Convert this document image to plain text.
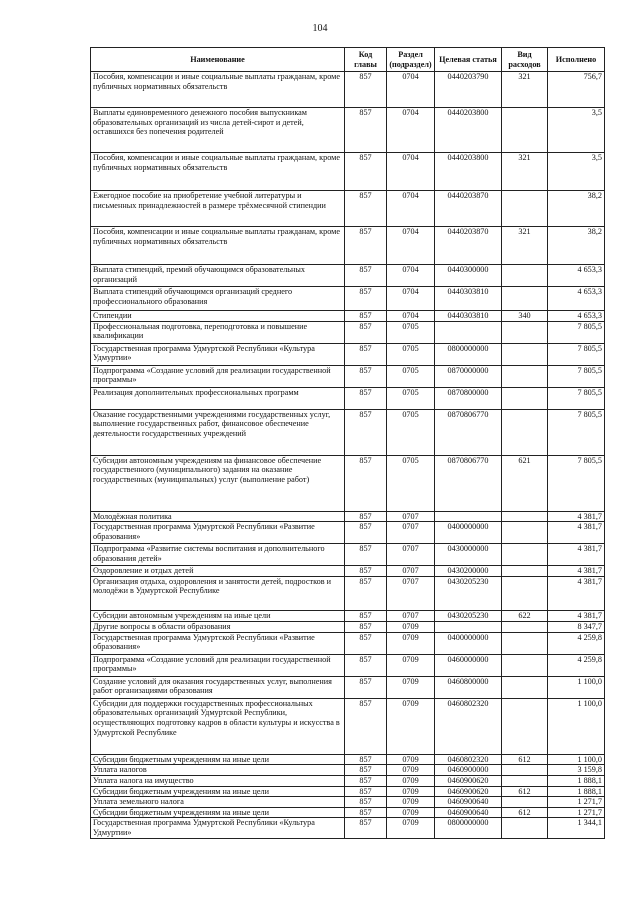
104
Наименование	Код главы	Раздел (подраздел)	Целевая статья	Вид расходов	Исполнено
Пособия, компенсации и иные социальные выплаты гражданам, кроме публичных нормативных обязательств	857	0704	0440203790	321	756,7
Выплаты единовременного денежного пособия выпускникам образовательных организаций из числа детей-сирот и детей, оставшихся без попечения родителей	857	0704	0440203800		3,5
Пособия, компенсации и иные социальные выплаты гражданам, кроме публичных нормативных обязательств	857	0704	0440203800	321	3,5
Ежегодное пособие на приобретение учебной литературы и письменных принадлежностей в размере трёхмесячной стипендии	857	0704	0440203870		38,2
Пособия, компенсации и иные социальные выплаты гражданам, кроме публичных нормативных обязательств	857	0704	0440203870	321	38,2
Выплата стипендий, премий обучающимся образовательных организаций	857	0704	0440300000		4 653,3
Выплата стипендий обучающимся организаций среднего профессионального образования	857	0704	0440303810		4 653,3
Стипендии	857	0704	0440303810	340	4 653,3
Профессиональная подготовка, переподготовка и повышение квалификации	857	0705			7 805,5
Государственная программа Удмуртской Республики «Культура Удмуртии»	857	0705	0800000000		7 805,5
Подпрограмма «Создание условий для реализации государственной программы»	857	0705	0870000000		7 805,5
Реализация дополнительных профессиональных программ	857	0705	0870800000		7 805,5
Оказание государственными учреждениями государственных услуг, выполнение государственных работ, финансовое обеспечение деятельности государственных учреждений	857	0705	0870806770		7 805,5
Субсидии автономным учреждениям на финансовое обеспечение государственного (муниципального) задания на оказание государственных (муниципальных) услуг (выполнение работ)	857	0705	0870806770	621	7 805,5
Молодёжная политика	857	0707			4 381,7
Государственная программа Удмуртской Республики «Развитие образования»	857	0707	0400000000		4 381,7
Подпрограмма «Развитие системы воспитания и дополнительного образования детей»	857	0707	0430000000		4 381,7
Оздоровление и отдых детей	857	0707	0430200000		4 381,7
Организация отдыха, оздоровления и занятости детей, подростков и молодёжи в Удмуртской Республике	857	0707	0430205230		4 381,7
Субсидии автономным учреждениям на иные цели	857	0707	0430205230	622	4 381,7
Другие вопросы в области образования	857	0709			8 347,7
Государственная программа Удмуртской Республики «Развитие образования»	857	0709	0400000000		4 259,8
Подпрограмма «Создание условий для реализации государственной программы»	857	0709	0460000000		4 259,8
Создание условий для оказания государственных услуг, выполнения работ организациями образования	857	0709	0460800000		1 100,0
Субсидии для поддержки государственных профессиональных образовательных организаций Удмуртской Республики, осуществляющих подготовку кадров в области культуры и искусства в Удмуртской Республике	857	0709	0460802320		1 100,0
Субсидии бюджетным учреждениям на иные цели	857	0709	0460802320	612	1 100,0
Уплата налогов	857	0709	0460900000		3 159,8
Уплата налога на имущество	857	0709	0460900620		1 888,1
Субсидии бюджетным учреждениям на иные цели	857	0709	0460900620	612	1 888,1
Уплата земельного налога	857	0709	0460900640		1 271,7
Субсидии бюджетным учреждениям на иные цели	857	0709	0460900640	612	1 271,7
Государственная программа Удмуртской Республики «Культура Удмуртии»	857	0709	0800000000		1 344,1
